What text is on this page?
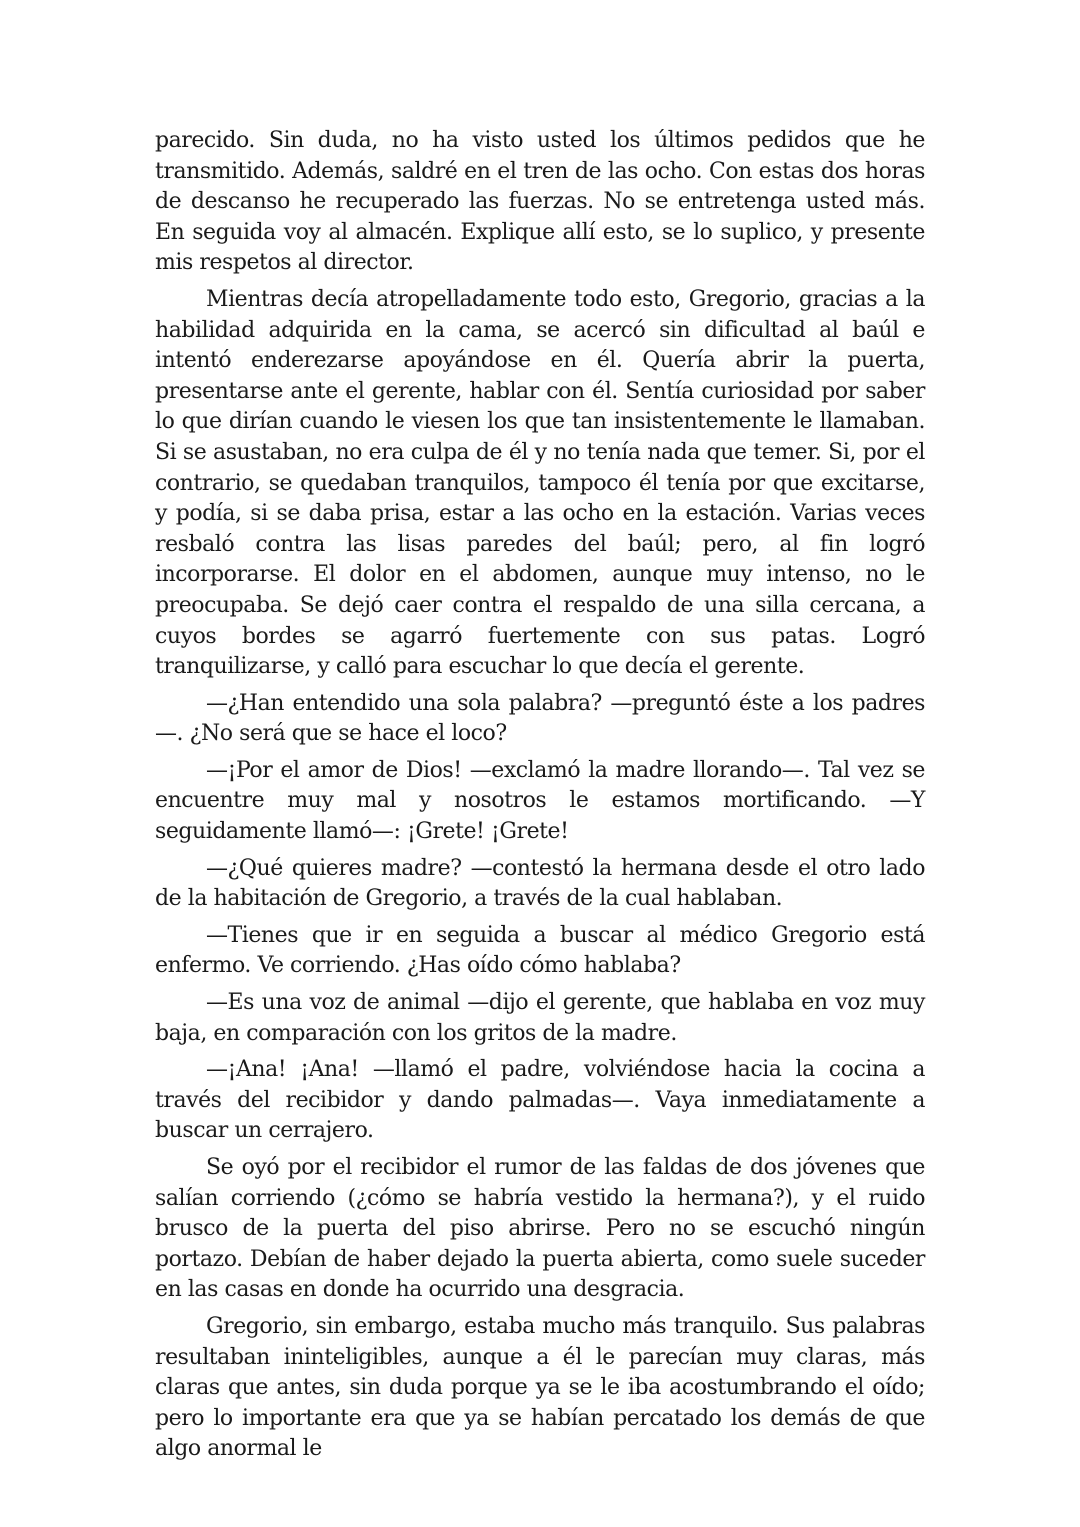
parecido. Sin duda, no ha visto usted los últimos pedidos que he transmitido. Además, saldré en el tren de las ocho. Con estas dos horas de descanso he recuperado las fuerzas. No se entretenga usted más. En seguida voy al almacén. Explique allí esto, se lo suplico, y presente mis respetos al director.

Mientras decía atropelladamente todo esto, Gregorio, gracias a la habilidad adquirida en la cama, se acercó sin dificultad al baúl e intentó enderezarse apoyándose en él. Quería abrir la puerta, presentarse ante el gerente, hablar con él. Sentía curiosidad por saber lo que dirían cuando le viesen los que tan insistentemente le llamaban. Si se asustaban, no era culpa de él y no tenía nada que temer. Si, por el contrario, se quedaban tranquilos, tampoco él tenía por que excitarse, y podía, si se daba prisa, estar a las ocho en la estación. Varias veces resbaló contra las lisas paredes del baúl; pero, al fin logró incorporarse. El dolor en el abdomen, aunque muy intenso, no le preocupaba. Se dejó caer contra el respaldo de una silla cercana, a cuyos bordes se agarró fuertemente con sus patas. Logró tranquilizarse, y calló para escuchar lo que decía el gerente.

—¿Han entendido una sola palabra? —preguntó éste a los padres—. ¿No será que se hace el loco?

—¡Por el amor de Dios! —exclamó la madre llorando—. Tal vez se encuentre muy mal y nosotros le estamos mortificando. —Y seguidamente llamó—: ¡Grete! ¡Grete!

—¿Qué quieres madre? —contestó la hermana desde el otro lado de la habitación de Gregorio, a través de la cual hablaban.

—Tienes que ir en seguida a buscar al médico Gregorio está enfermo. Ve corriendo. ¿Has oído cómo hablaba?

—Es una voz de animal —dijo el gerente, que hablaba en voz muy baja, en comparación con los gritos de la madre.

—¡Ana! ¡Ana! —llamó el padre, volviéndose hacia la cocina a través del recibidor y dando palmadas—. Vaya inmediatamente a buscar un cerrajero.

Se oyó por el recibidor el rumor de las faldas de dos jóvenes que salían corriendo (¿cómo se habría vestido la hermana?), y el ruido brusco de la puerta del piso abrirse. Pero no se escuchó ningún portazo. Debían de haber dejado la puerta abierta, como suele suceder en las casas en donde ha ocurrido una desgracia.

Gregorio, sin embargo, estaba mucho más tranquilo. Sus palabras resultaban ininteligibles, aunque a él le parecían muy claras, más claras que antes, sin duda porque ya se le iba acostumbrando el oído; pero lo importante era que ya se habían percatado los demás de que algo anormal le
